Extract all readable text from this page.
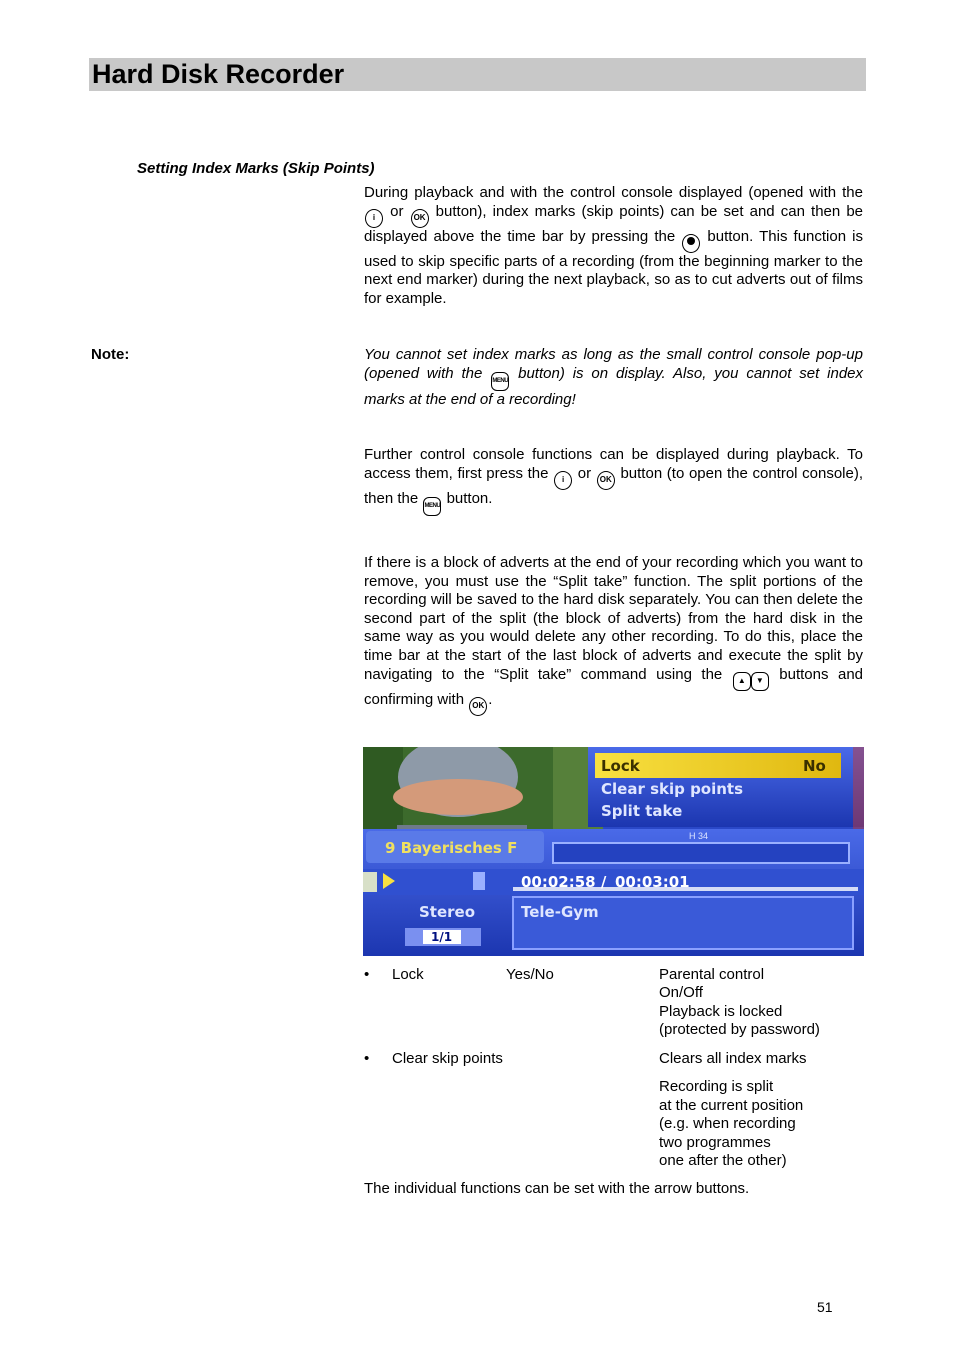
Hard Disk Recorder
Setting Index Marks (Skip Points)

During playback and with the control console displayed (opened with the i or OK button), index marks (skip points) can be set and can then be displayed above the time bar by pressing the button. This function is used to skip specific parts of a recording (from the beginning marker to the next end marker) during the next playback, so as to cut adverts out of films for example.

Note:	You cannot set index marks as long as the small control console pop-up (opened with the MENU button) is on display. Also, you cannot set index marks at the end of a recording!

Further control console functions can be displayed during playback. To access them, first press the i or OK button (to open the control console), then the MENU button.

If there is a block of adverts at the end of your recording which you want to remove, you must use the “Split take” function. The split portions of the recording will be saved to the hard disk separately. You can then delete the second part of the split (the block of adverts) from the hard disk in the same way as you would delete any other recording. To do this, place the time bar at the start of the last block of adverts and execute the split by navigating to the “Split take” command using the ▲ ▼ buttons and confirming with OK .

Lock	No
Clear skip points
Split take
9 Bayerisches F
H 34
00:02:58 / 00:03:01
Stereo	Tele-Gym
1/1
• Lock	Yes/No	Parental control
On/Off
Playback is locked
(protected by password)
• Clear skip points	Clears all index marks
Recording is split
at the current position
(e.g. when recording
two programmes
one after the other)
The individual functions can be set with the arrow buttons.
51
